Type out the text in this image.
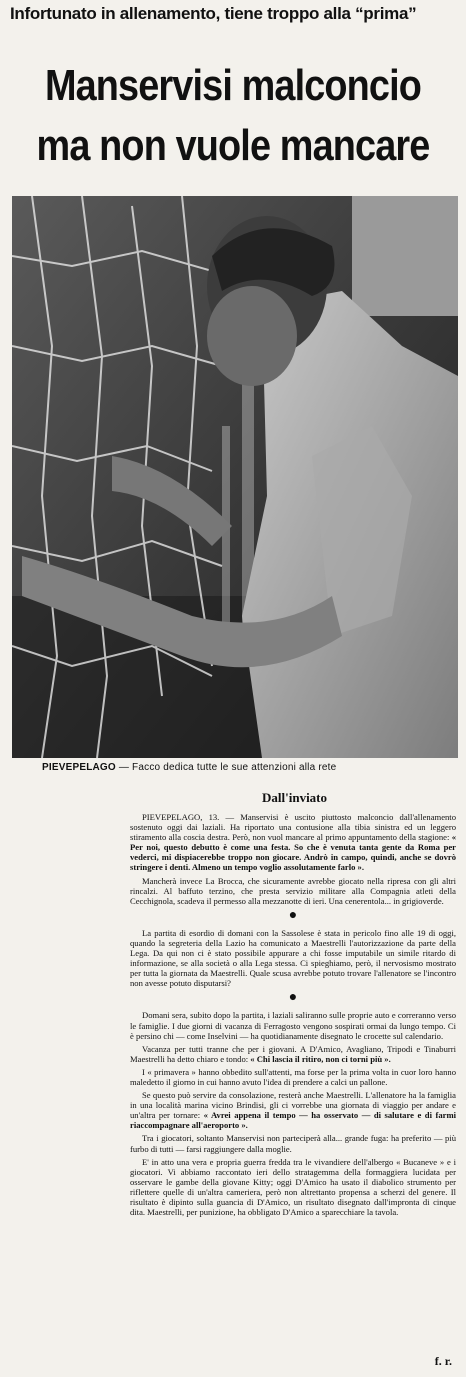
Infortunato in allenamento, tiene troppo alla “prima”
Manservisi malconcio
ma non vuole mancare
PIEVEPELAGO — Facco dedica tutte le sue attenzioni alla rete
Dall'inviato

PIEVEPELAGO, 13. — Manservisi è uscito piuttosto malconcio dall'allenamento sostenuto oggi dai laziali. Ha riportato una contusione alla tibia sinistra ed un leggero stiramento alla coscia destra. Però, non vuol mancare al primo appuntamento della stagione: « Per noi, questo debutto è come una festa. So che è venuta tanta gente da Roma per vederci, mi dispiacerebbe troppo non giocare. Andrò in campo, quindi, anche se dovrò stringere i denti. Almeno un tempo voglio assolutamente farlo ».

Mancherà invece La Brocca, che sicuramente avrebbe giocato nella ripresa con gli altri rincalzi. Al baffuto terzino, che presta servizio militare alla Compagnia atleti della Cecchignola, scadeva il permesso alla mezzanotte di ieri. Una cenerentola... in grigioverde.

●

La partita di esordio di domani con la Sassolese è stata in pericolo fino alle 19 di oggi, quando la segreteria della Lazio ha comunicato a Maestrelli l'autorizzazione da parte della Lega. Da qui non ci è stato possibile appurare a chi fosse imputabile un simile ritardo di informazione, se alla società o alla Lega stessa. Ci spieghiamo, però, il nervosismo mostrato per tutta la giornata da Maestrelli. Quale scusa avrebbe potuto trovare l'allenatore se l'incontro non avesse potuto disputarsi?

●

Domani sera, subito dopo la partita, i laziali saliranno sulle proprie auto e correranno verso le famiglie. I due giorni di vacanza di Ferragosto vengono sospirati ormai da lungo tempo. Ci è persino chi — come Inselvini — ha quotidianamente disegnato le crocette sul calendario.

Vacanza per tutti tranne che per i giovani. A D'Amico, Avagliano, Tripodi e Tinaburri Maestrelli ha detto chiaro e tondo: « Chi lascia il ritiro, non ci torni più ».

I « primavera » hanno obbedito sull'attenti, ma forse per la prima volta in cuor loro hanno maledetto il giorno in cui hanno avuto l'idea di prendere a calci un pallone.

Se questo può servire da consolazione, resterà anche Maestrelli. L'allenatore ha la famiglia in una località marina vicino Brindisi, gli ci vorrebbe una giornata di viaggio per andare e un'altra per tornare: « Avrei appena il tempo — ha osservato — di salutare e di farmi riaccompagnare all'aeroporto ».

Tra i giocatori, soltanto Manservisi non parteciperà alla... grande fuga: ha preferito — più furbo di tutti — farsi raggiungere dalla moglie.

E' in atto una vera e propria guerra fredda tra le vivandiere dell'albergo « Bucaneve » e i giocatori. Vi abbiamo raccontato ieri dello stratagemma della formaggiera lucidata per osservare le gambe della giovane Kitty; oggi D'Amico ha usato il diabolico strumento per riflettere quelle di un'altra cameriera, però non altrettanto propensa a scherzi del genere. Il risultato è dipinto sulla guancia di D'Amico, un risultato disegnato dall'impronta di cinque dita. Maestrelli, per punizione, ha obbligato D'Amico a sparecchiare la tavola.

f. r.
